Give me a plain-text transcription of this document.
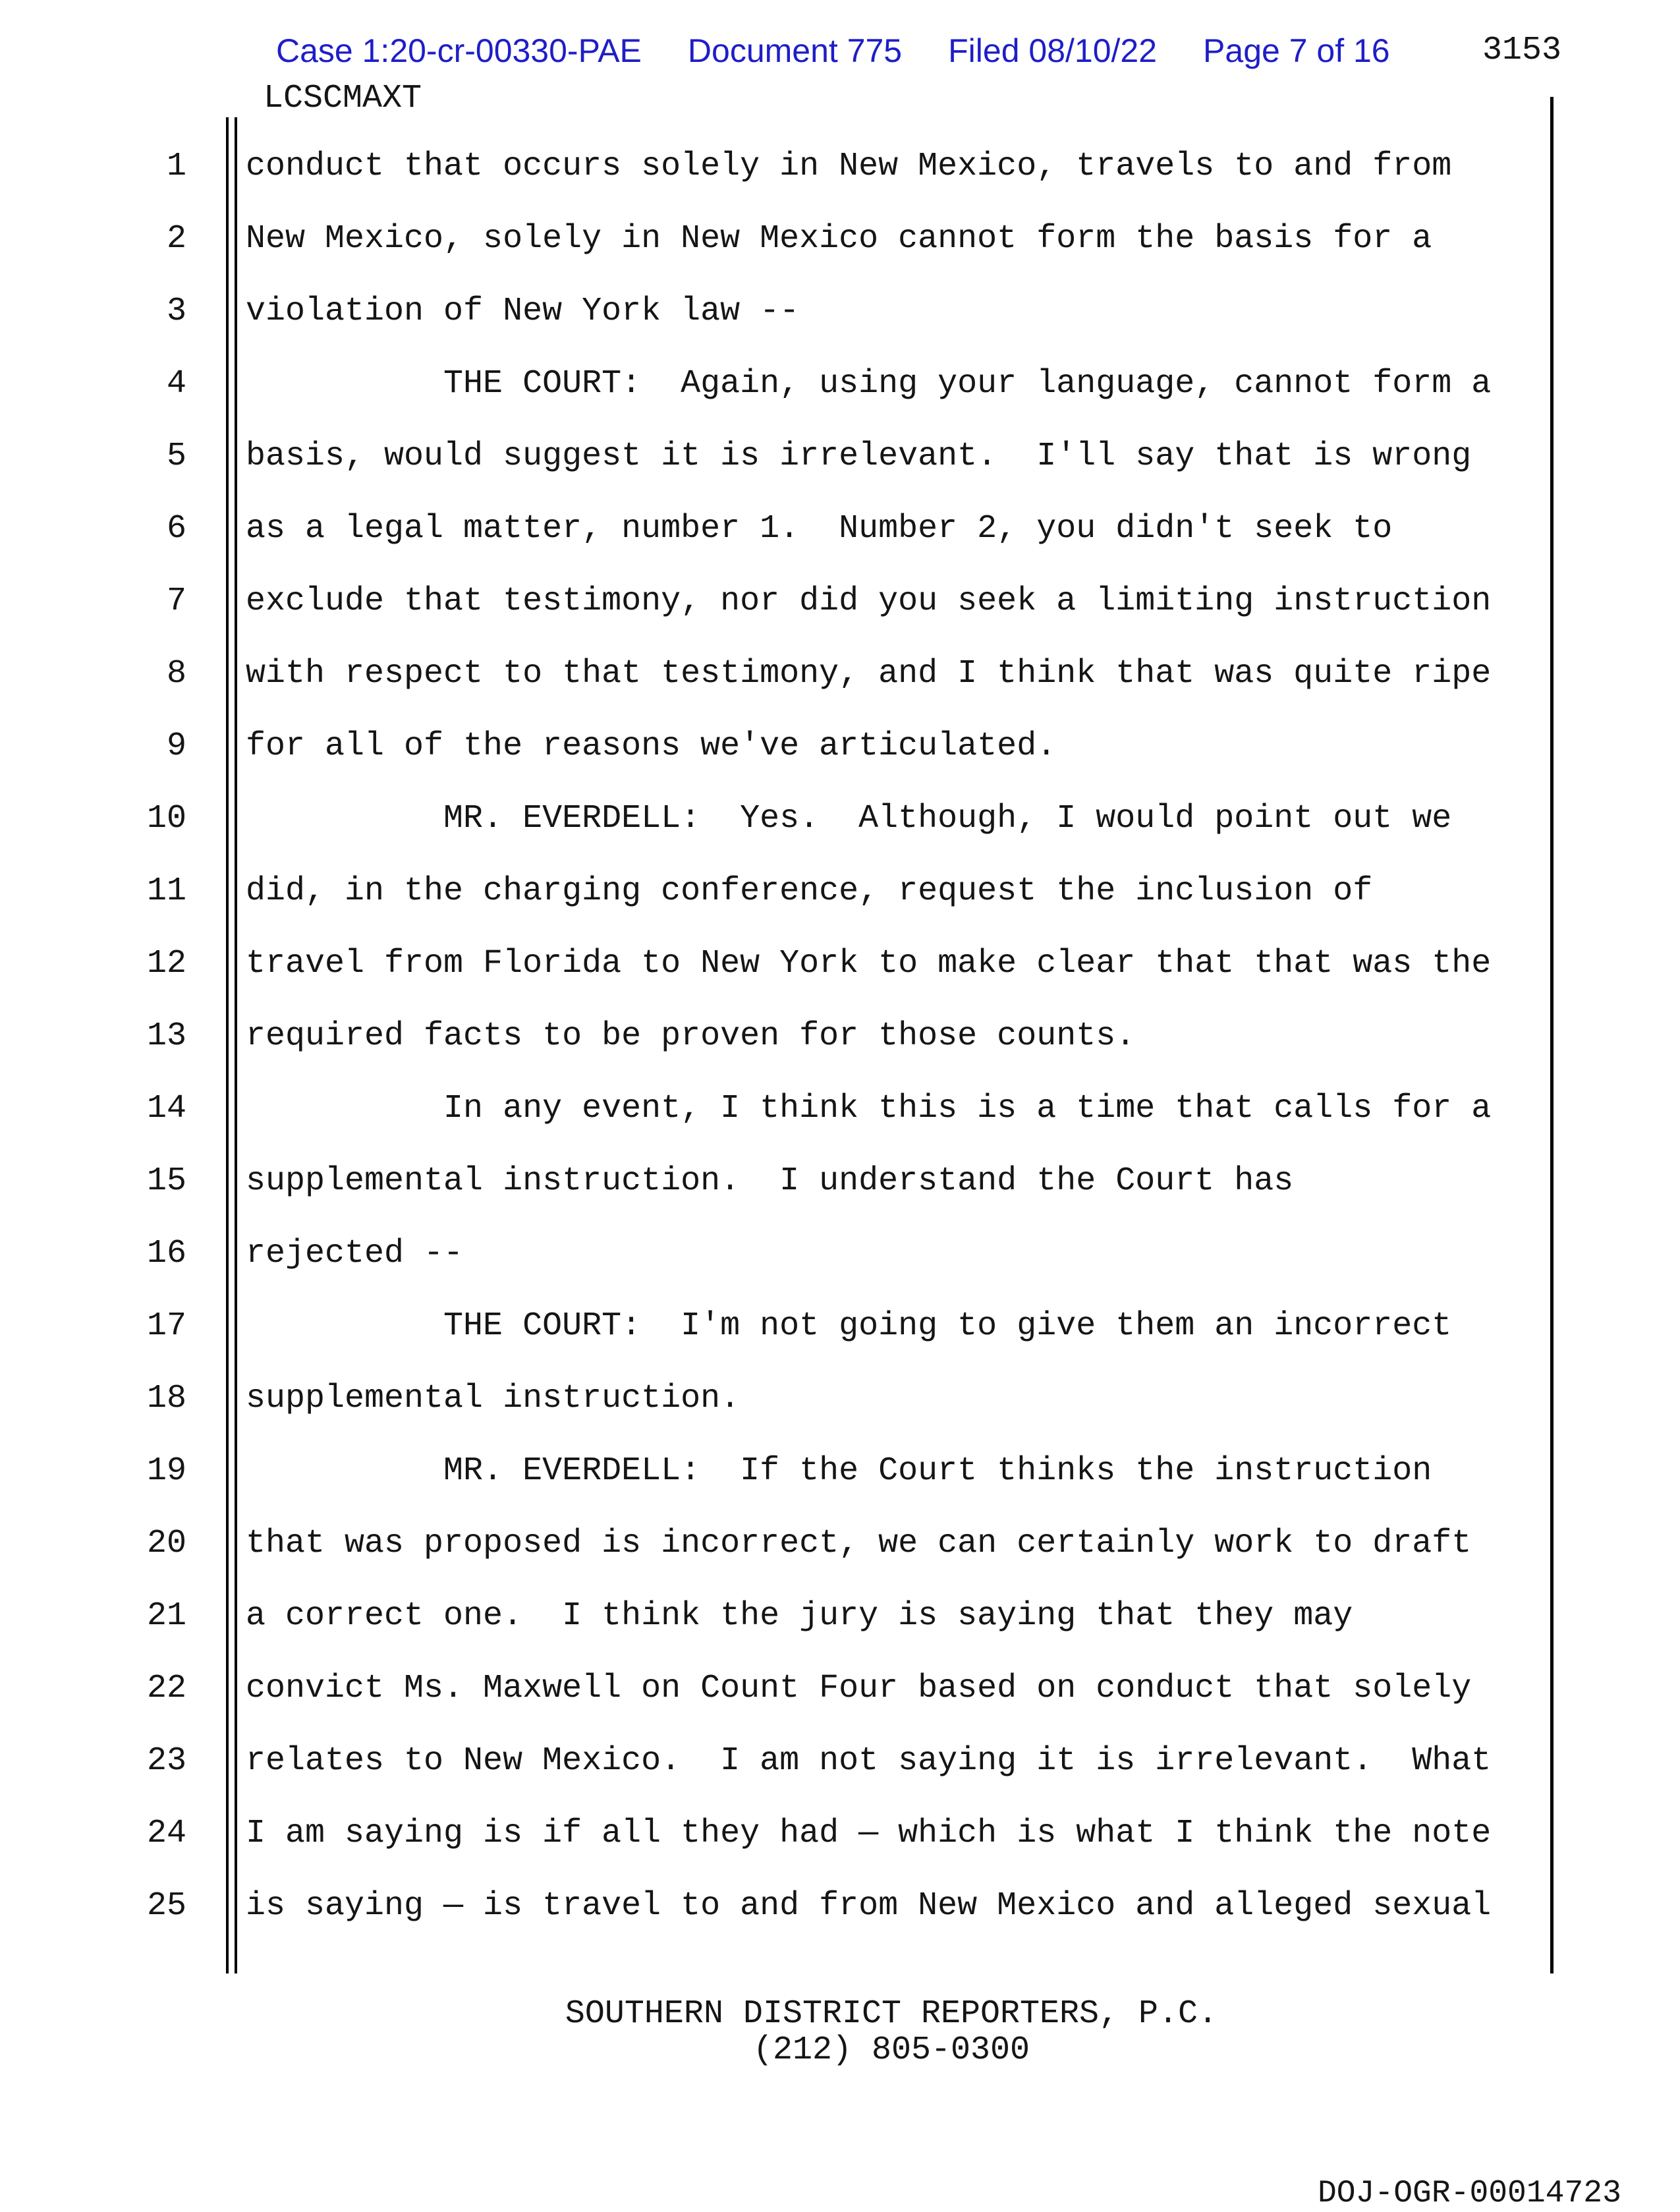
Case 1:20-cr-00330-PAE Document 775 Filed 08/10/22 Page 7 of 16	3153
LCSCMAXT
1
2
3
4
5
6
7
8
9
10
11
12
13
14
15
16
17
18
19
20
21
22
23
24
25
conduct that occurs solely in New Mexico, travels to and from
New Mexico, solely in New Mexico cannot form the basis for a
violation of New York law --
THE COURT:  Again, using your language, cannot form a
basis, would suggest it is irrelevant.  I'll say that is wrong
as a legal matter, number 1.  Number 2, you didn't seek to
exclude that testimony, nor did you seek a limiting instruction
with respect to that testimony, and I think that was quite ripe
for all of the reasons we've articulated.
MR. EVERDELL:  Yes.  Although, I would point out we
did, in the charging conference, request the inclusion of
travel from Florida to New York to make clear that that was the
required facts to be proven for those counts.
In any event, I think this is a time that calls for a
supplemental instruction.  I understand the Court has
rejected --
THE COURT:  I'm not going to give them an incorrect
supplemental instruction.
MR. EVERDELL:  If the Court thinks the instruction
that was proposed is incorrect, we can certainly work to draft
a correct one.  I think the jury is saying that they may
convict Ms. Maxwell on Count Four based on conduct that solely
relates to New Mexico.  I am not saying it is irrelevant.  What
I am saying is if all they had — which is what I think the note
is saying — is travel to and from New Mexico and alleged sexual
SOUTHERN DISTRICT REPORTERS, P.C.
(212) 805-0300
DOJ-OGR-00014723
